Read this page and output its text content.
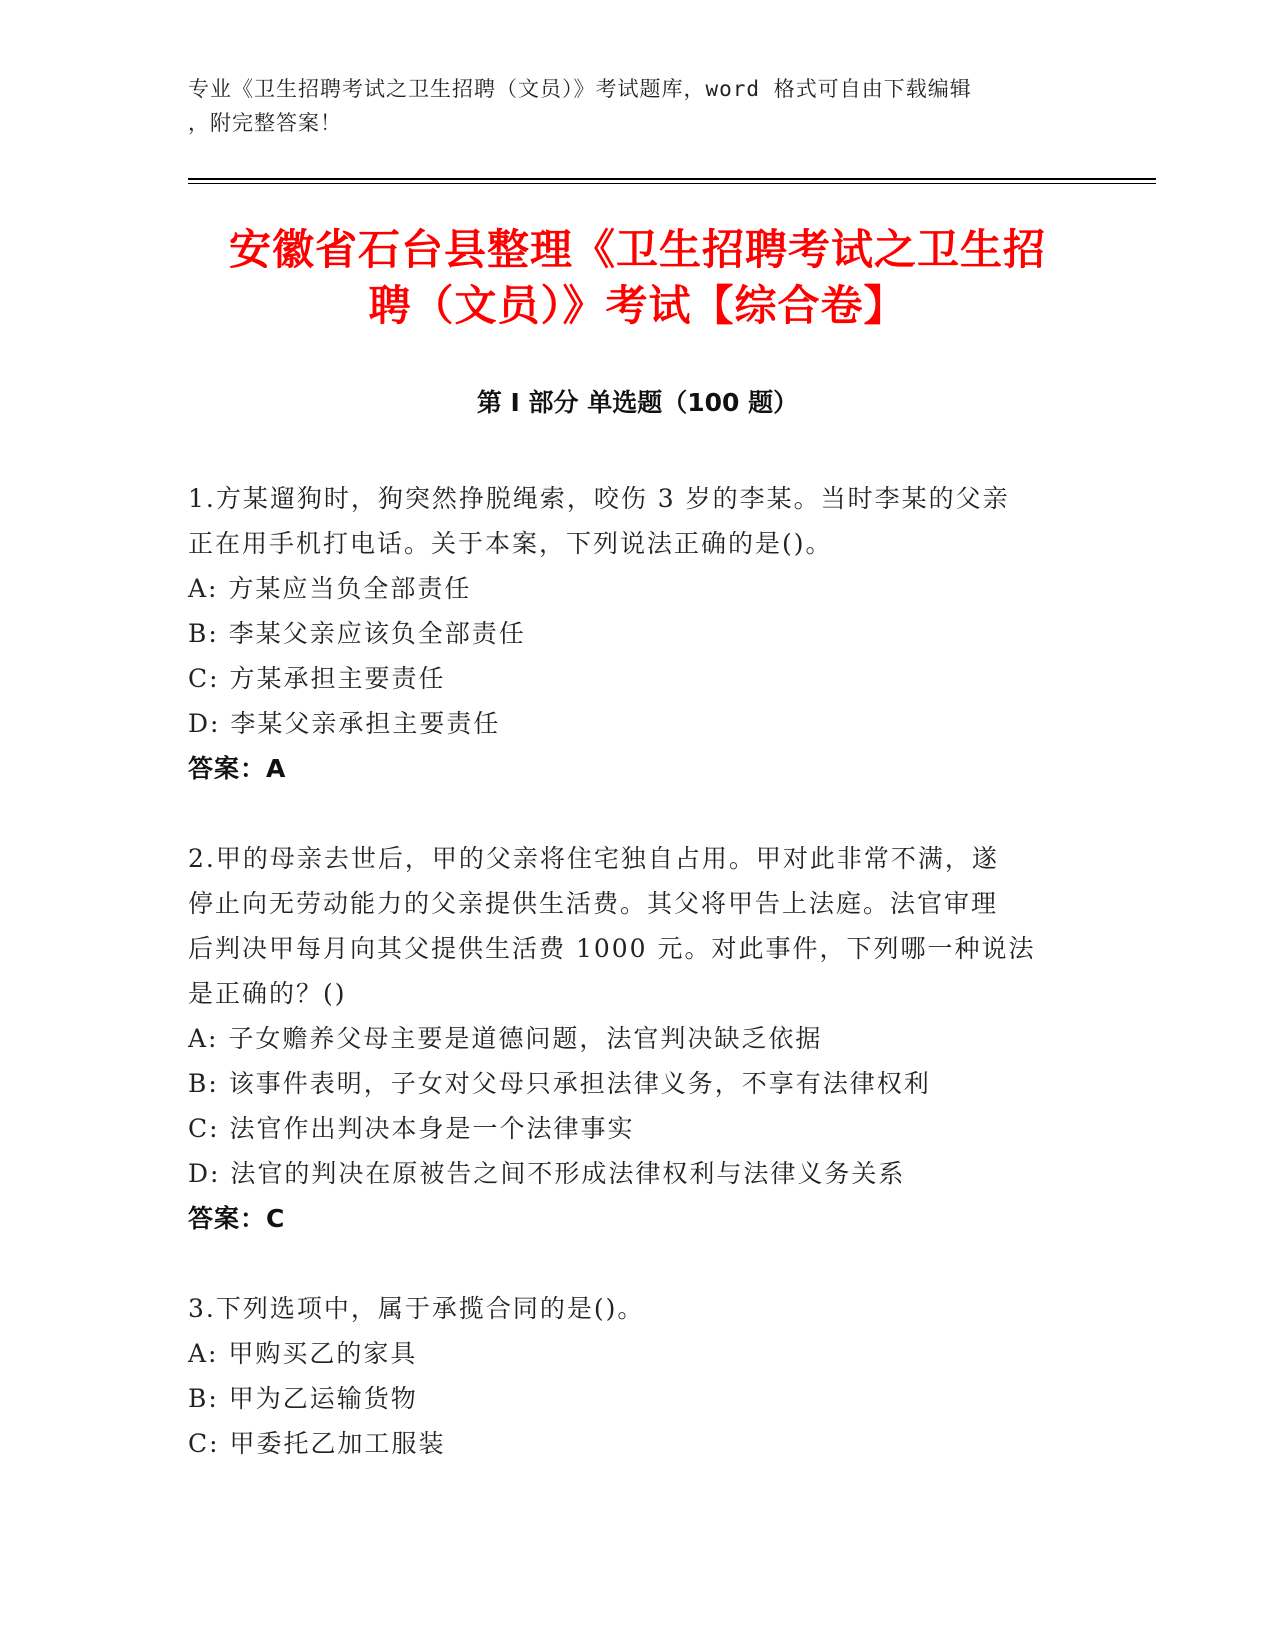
专业《卫生招聘考试之卫生招聘（文员）》考试题库，word 格式可自由下载编辑
，附完整答案！
安徽省石台县整理《卫生招聘考试之卫生招
聘（文员）》考试【综合卷】
第 I 部分 单选题（100 题）

1.方某遛狗时，狗突然挣脱绳索，咬伤 3 岁的李某。当时李某的父亲

正在用手机打电话。关于本案，下列说法正确的是()。

A: 方某应当负全部责任

B: 李某父亲应该负全部责任

C: 方某承担主要责任

D: 李某父亲承担主要责任

答案：A

2.甲的母亲去世后，甲的父亲将住宅独自占用。甲对此非常不满，遂

停止向无劳动能力的父亲提供生活费。其父将甲告上法庭。法官审理

后判决甲每月向其父提供生活费 1000 元。对此事件，下列哪一种说法

是正确的？()

A: 子女赡养父母主要是道德问题，法官判决缺乏依据

B: 该事件表明，子女对父母只承担法律义务，不享有法律权利

C: 法官作出判决本身是一个法律事实

D: 法官的判决在原被告之间不形成法律权利与法律义务关系

答案：C

3.下列选项中，属于承揽合同的是()。

A: 甲购买乙的家具

B: 甲为乙运输货物

C: 甲委托乙加工服装
